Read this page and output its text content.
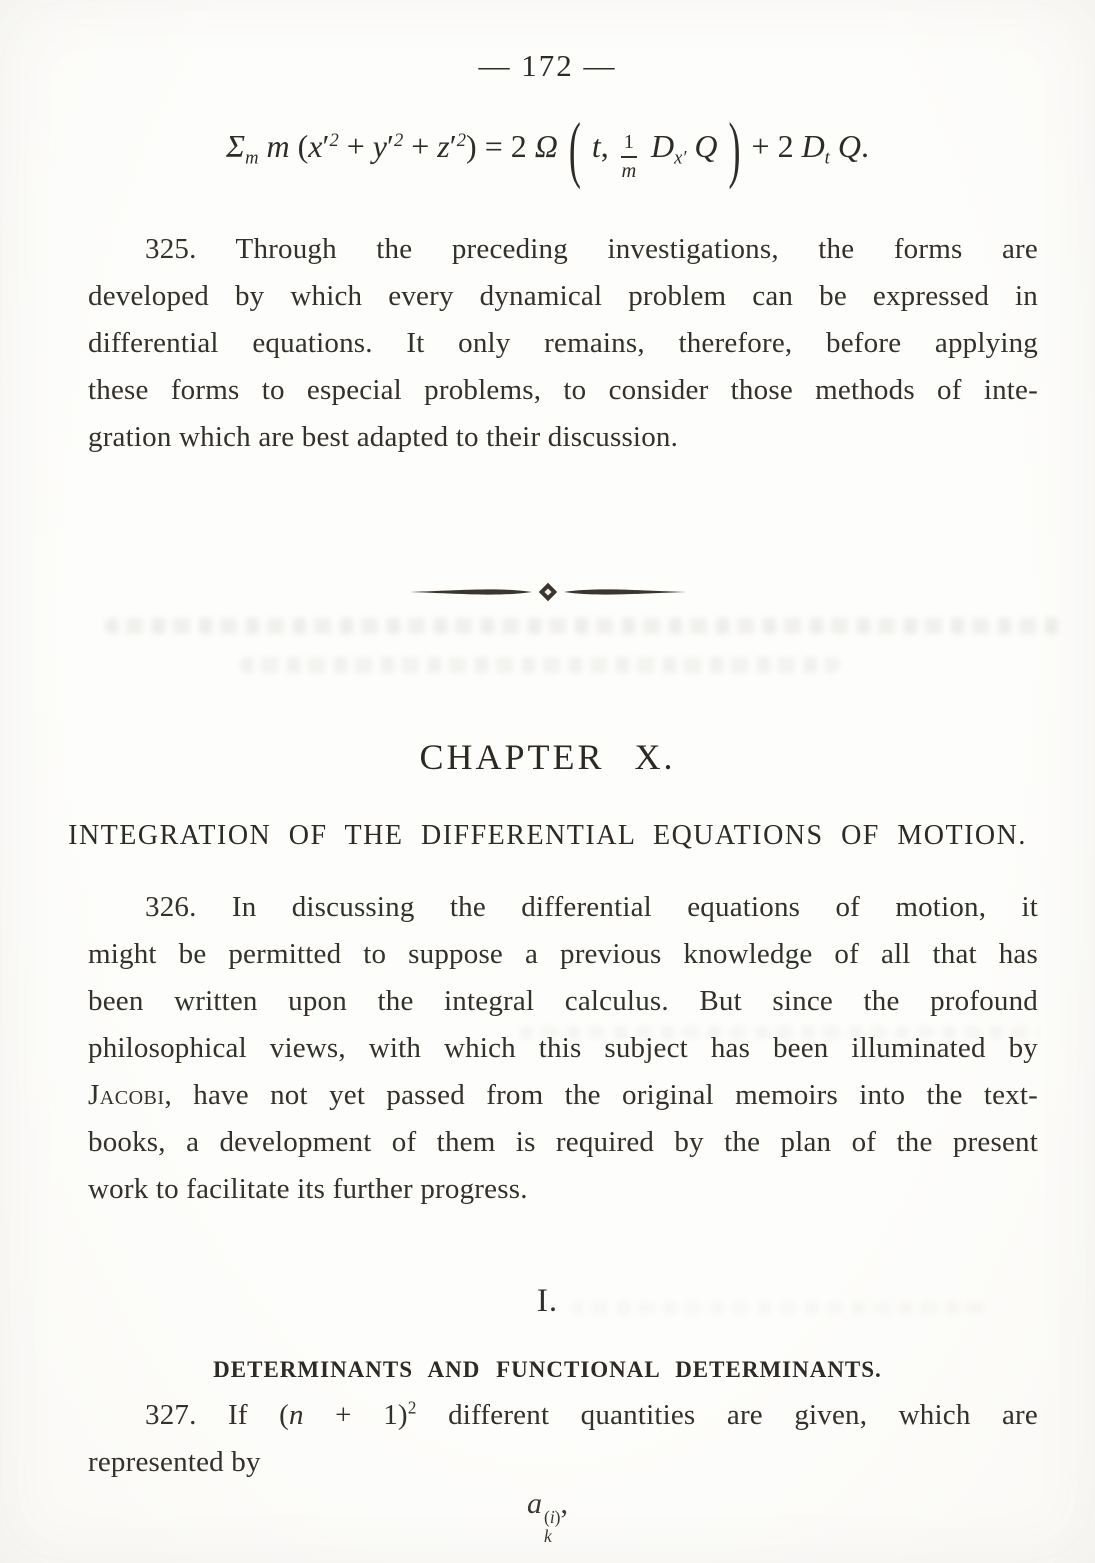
— 172 —
$\Sigma_m$ m $(x'^2 + y'^2 + z'^2) = 2$ Ω ( t, $\frac{1}{m} D_{x'}$ Q ) + 2 $D_t$ Q.
325. Through the preceding investigations, the forms are
developed by which every dynamical problem can be expressed in
differential equations. It only remains, therefore, before applying
these forms to especial problems, to consider those methods of inte-
gration which are best adapted to their discussion.
CHAPTER X.
INTEGRATION OF THE DIFFERENTIAL EQUATIONS OF MOTION.
326. In discussing the differential equations of motion, it
might be permitted to suppose a previous knowledge of all that has
been written upon the integral calculus. But since the profound
philosophical views, with which this subject has been illuminated by
Jacobi, have not yet passed from the original memoirs into the text-
books, a development of them is required by the plan of the present
work to facilitate its further progress.
I.
DETERMINANTS AND FUNCTIONAL DETERMINANTS.
327. If $(n + 1)^2$ different quantities are given, which are
represented by
a (i)
k
,
